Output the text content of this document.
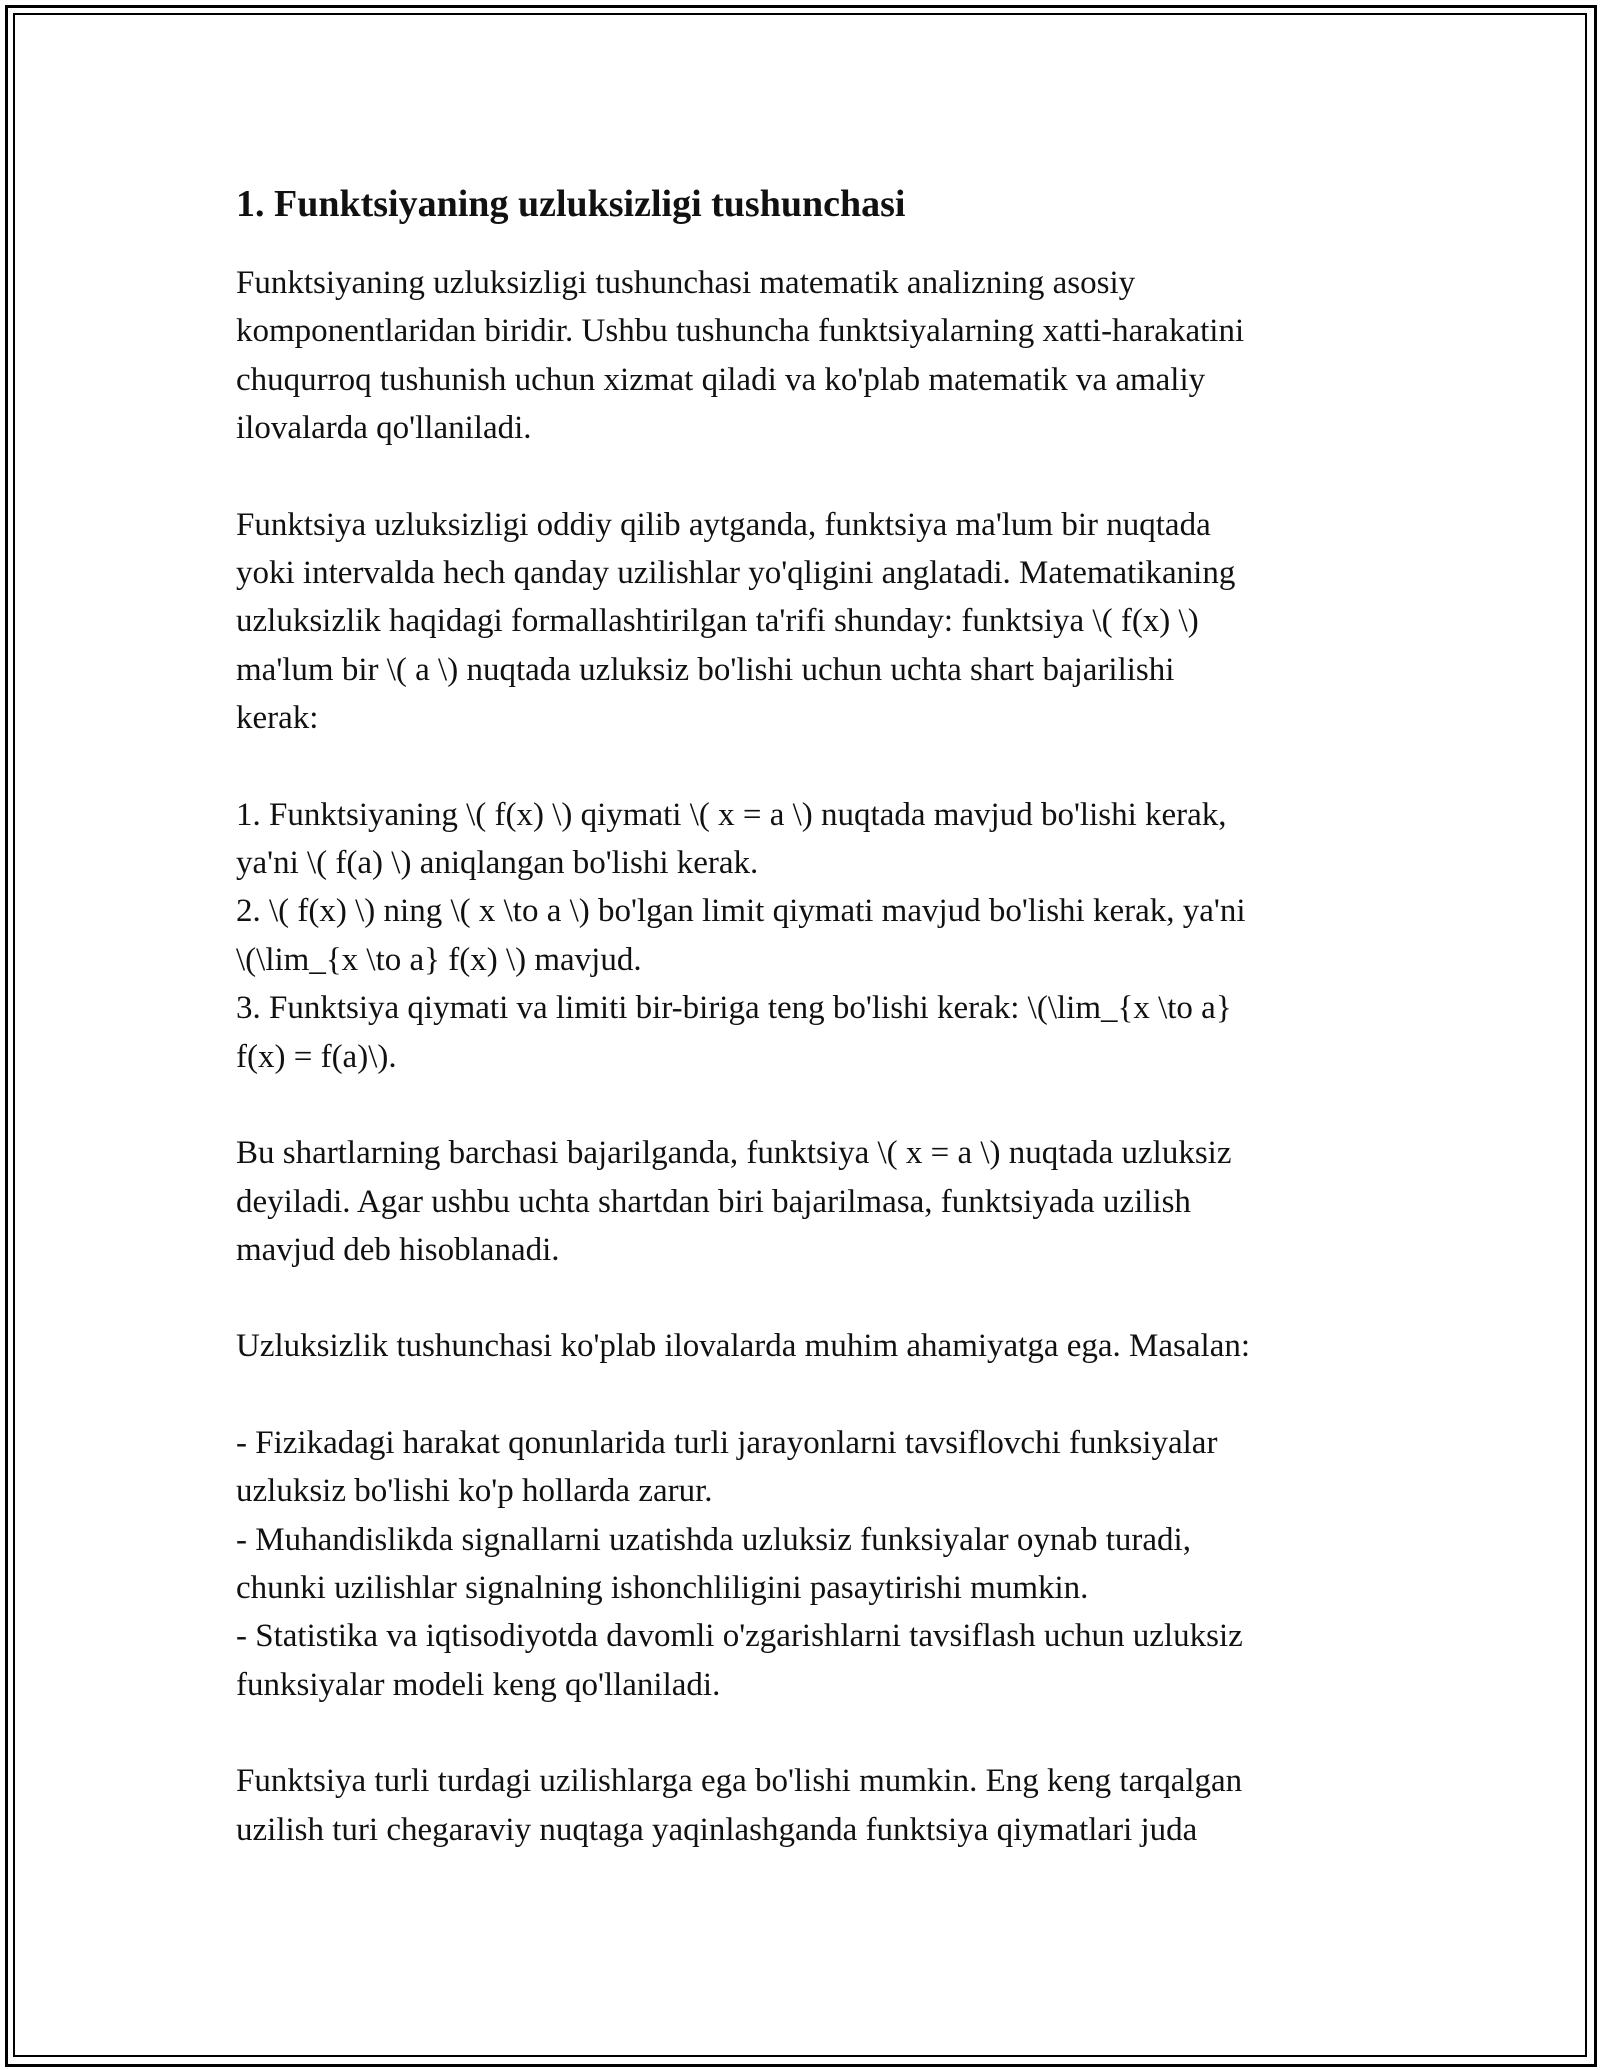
1. Funktsiyaning uzluksizligi tushunchasi

Funktsiyaning uzluksizligi tushunchasi matematik analizning asosiy
komponentlaridan biridir. Ushbu tushuncha funktsiyalarning xatti-harakatini
chuqurroq tushunish uchun xizmat qiladi va ko'plab matematik va amaliy
ilovalarda qo'llaniladi.

Funktsiya uzluksizligi oddiy qilib aytganda, funktsiya ma'lum bir nuqtada
yoki intervalda hech qanday uzilishlar yo'qligini anglatadi. Matematikaning
uzluksizlik haqidagi formallashtirilgan ta'rifi shunday: funktsiya \( f(x) \)
ma'lum bir \( a \) nuqtada uzluksiz bo'lishi uchun uchta shart bajarilishi
kerak:

1. Funktsiyaning \( f(x) \) qiymati \( x = a \) nuqtada mavjud bo'lishi kerak,
ya'ni \( f(a) \) aniqlangan bo'lishi kerak.
2. \( f(x) \) ning \( x \to a \) bo'lgan limit qiymati mavjud bo'lishi kerak, ya'ni
\(\lim_{x \to a} f(x) \) mavjud.
3. Funktsiya qiymati va limiti bir-biriga teng bo'lishi kerak: \(\lim_{x \to a}
f(x) = f(a)\).

Bu shartlarning barchasi bajarilganda, funktsiya \( x = a \) nuqtada uzluksiz
deyiladi. Agar ushbu uchta shartdan biri bajarilmasa, funktsiyada uzilish
mavjud deb hisoblanadi.

Uzluksizlik tushunchasi ko'plab ilovalarda muhim ahamiyatga ega. Masalan:

- Fizikadagi harakat qonunlarida turli jarayonlarni tavsiflovchi funksiyalar
uzluksiz bo'lishi ko'p hollarda zarur.
- Muhandislikda signallarni uzatishda uzluksiz funksiyalar oynab turadi,
chunki uzilishlar signalning ishonchliligini pasaytirishi mumkin.
- Statistika va iqtisodiyotda davomli o'zgarishlarni tavsiflash uchun uzluksiz
funksiyalar modeli keng qo'llaniladi.

Funktsiya turli turdagi uzilishlarga ega bo'lishi mumkin. Eng keng tarqalgan
uzilish turi chegaraviy nuqtaga yaqinlashganda funktsiya qiymatlari juda
